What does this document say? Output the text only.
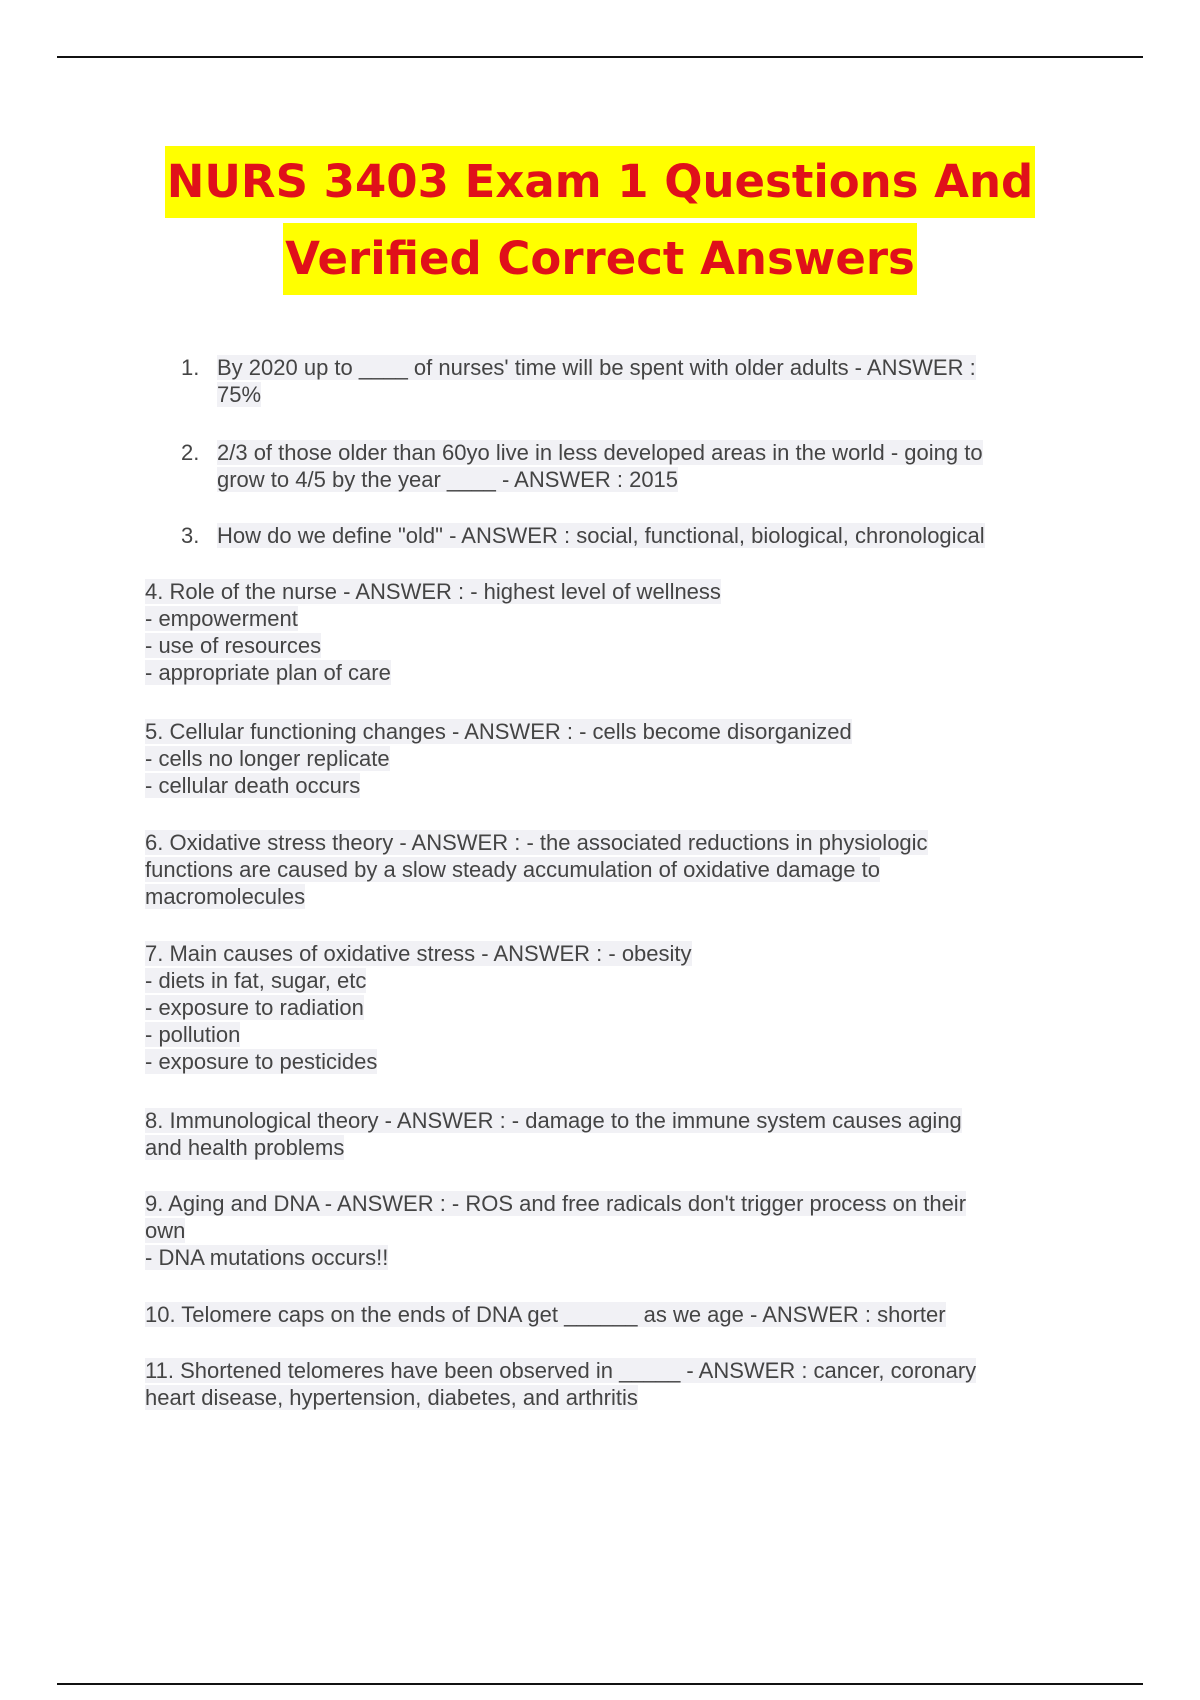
NURS 3403 Exam 1 Questions And
Verified Correct Answers
1. By 2020 up to ____ of nurses' time will be spent with older adults - ANSWER :
75%
2. 2/3 of those older than 60yo live in less developed areas in the world - going to
grow to 4/5 by the year ____ - ANSWER : 2015
3. How do we define "old" - ANSWER : social, functional, biological, chronological
4. Role of the nurse - ANSWER : - highest level of wellness
- empowerment
- use of resources
- appropriate plan of care
5. Cellular functioning changes - ANSWER : - cells become disorganized
- cells no longer replicate
- cellular death occurs
6. Oxidative stress theory - ANSWER : - the associated reductions in physiologic
functions are caused by a slow steady accumulation of oxidative damage to
macromolecules
7. Main causes of oxidative stress - ANSWER : - obesity
- diets in fat, sugar, etc
- exposure to radiation
- pollution
- exposure to pesticides
8. Immunological theory - ANSWER : - damage to the immune system causes aging
and health problems
9. Aging and DNA - ANSWER : - ROS and free radicals don't trigger process on their
own
- DNA mutations occurs!!
10. Telomere caps on the ends of DNA get ______ as we age - ANSWER : shorter
11. Shortened telomeres have been observed in _____ - ANSWER : cancer, coronary
heart disease, hypertension, diabetes, and arthritis
